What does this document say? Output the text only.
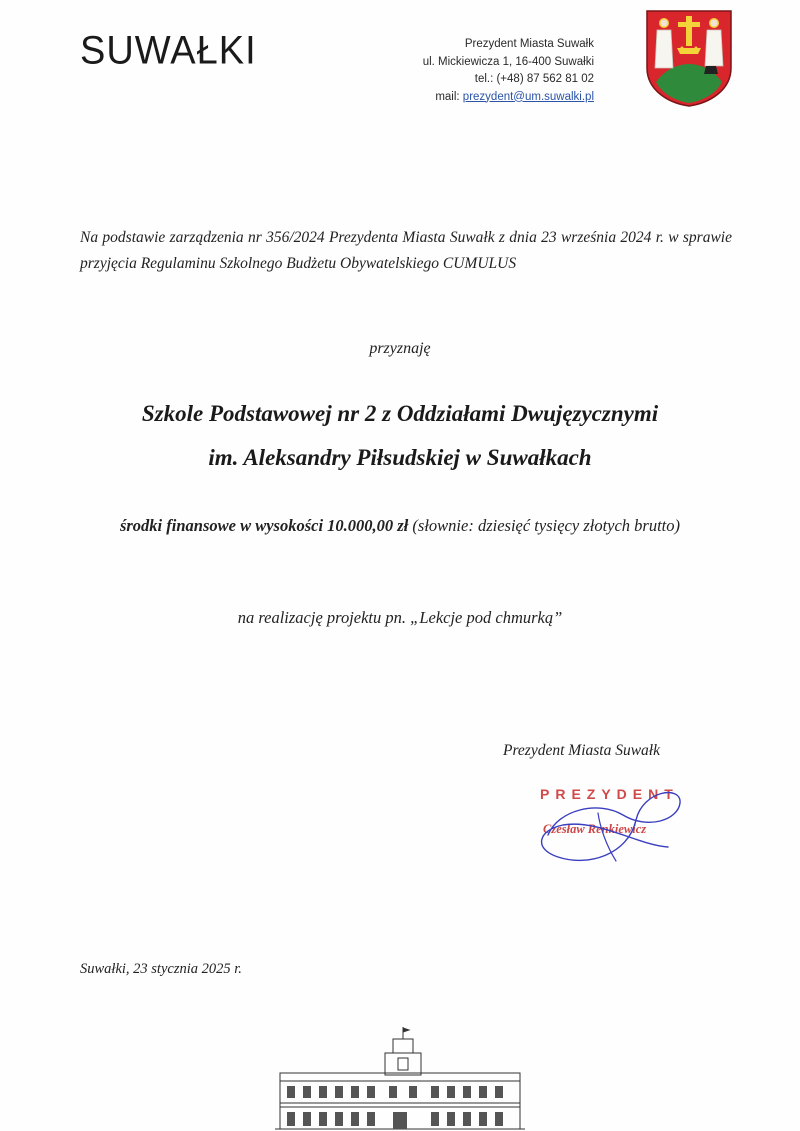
SUWAŁKI	Prezydent Miasta Suwałk
ul. Mickiewicza 1, 16-400 Suwałki
tel.: (+48) 87 562 81 02
mail: prezydent@um.suwalki.pl
Na podstawie zarządzenia nr 356/2024 Prezydenta Miasta Suwałk z dnia 23 września 2024 r. w sprawie przyjęcia Regulaminu Szkolnego Budżetu Obywatelskiego CUMULUS
przyznaję
Szkole Podstawowej nr 2 z Oddziałami Dwujęzycznymi
im. Aleksandry Piłsudskiej w Suwałkach
środki finansowe w wysokości 10.000,00 zł (słownie: dziesięć tysięcy złotych brutto)
na realizację projektu pn. „Lekcje pod chmurką”
Prezydent Miasta Suwałk
PREZYDENT
Czesław Renkiewicz
Suwałki, 23 stycznia 2025 r.
